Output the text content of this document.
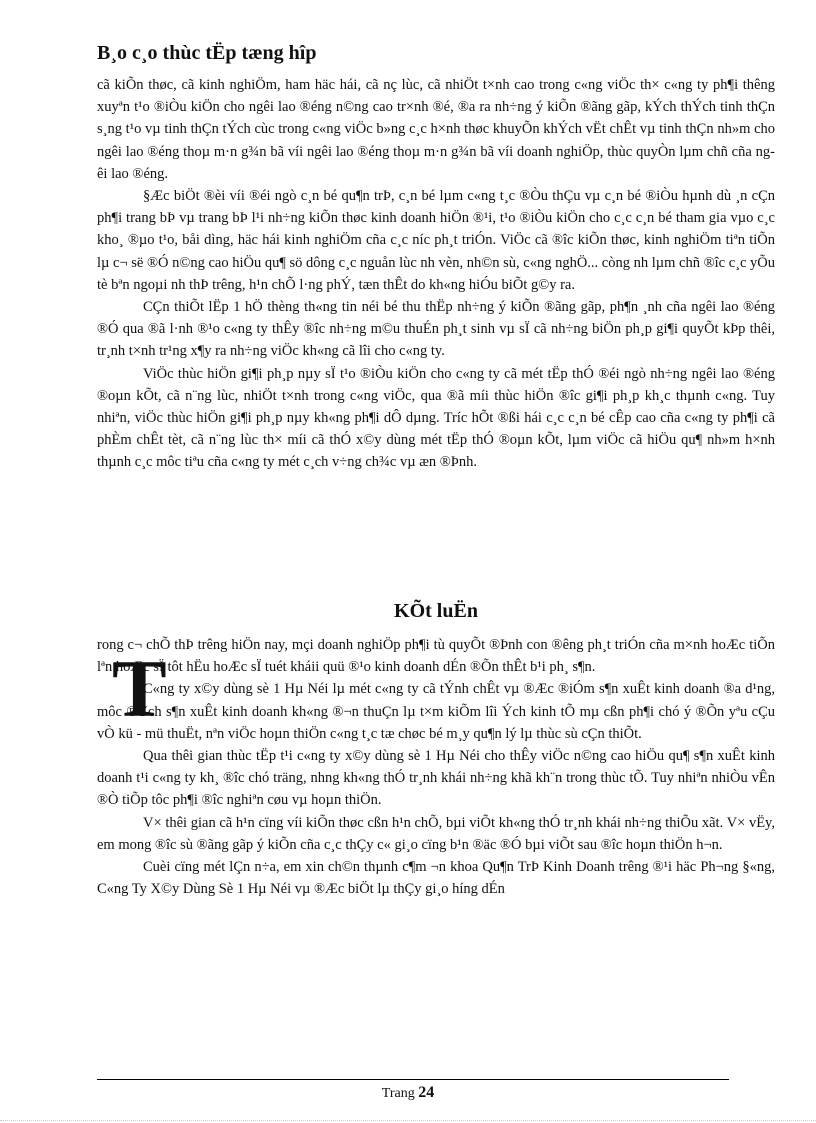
B¸o c¸o thùc tËp tæng hîp

cã kiÕn thøc, cã kinh nghiÖm, ham häc hái, cã nç lùc, cã nhiÖt t×nh cao trong c«ng viÖc th× c«ng ty ph¶i thêng xuyªn t¹o ®iÒu kiÖn cho ngêi lao ®éng n©ng cao tr×nh ®é, ®a ra nh÷ng ý kiÕn ®ãng gãp, kÝch thÝch tinh thÇn s¸ng t¹o vµ tinh thÇn tÝch cùc trong c«ng viÖc b»ng c¸c h×nh thøc khuyÕn khÝch vËt chÊt vµ tinh thÇn nh»m cho ngêi lao ®éng thoµ m·n g¾n bã víi ngêi lao ®éng thoµ m·n g¾n bã víi doanh nghiÖp, thùc quyÒn lµm chñ cña ngêi lao ®éng.

§Æc biÖt ®èi víi ®éi ngò c¸n bé qu¶n trÞ, c¸n bé lµm c«ng t¸c ®Òu thÇu vµ c¸n bé ®iÒu hµnh dù ¸n cÇn ph¶i trang bÞ vµ trang bÞ l¹i nh÷ng kiÕn thøc kinh doanh hiÖn ®¹i, t¹o ®iÒu kiÖn cho c¸c c¸n bé tham gia vµo c¸c kho¸ ®µo t¹o, båi dìng, häc hái kinh nghiÖm cña c¸c níc ph¸t triÓn. ViÖc cã ®îc kiÕn thøc, kinh nghiÖm tiªn tiÕn lµ c¬ së ®Ó n©ng cao hiÖu qu¶ sö dông c¸c nguån lùc nh vèn, nh©n sù, c«ng nghÖ... còng nh lµm chñ ®îc c¸c yÕu tè bªn ngoµi nh thÞ trêng, h¹n chÕ l·ng phÝ, tæn thÊt do kh«ng hiÓu biÕt g©y ra.

CÇn thiÕt lËp 1 hÖ thèng th«ng tin néi bé thu thËp nh÷ng ý kiÕn ®ãng gãp, ph¶n ¸nh cña ngêi lao ®éng ®Ó qua ®ã l·nh ®¹o c«ng ty thÊy ®îc nh÷ng m©u thuÉn ph¸t sinh vµ sÏ cã nh÷ng biÖn ph¸p gi¶i quyÕt kÞp thêi, tr¸nh t×nh tr¹ng x¶y ra nh÷ng viÖc kh«ng cã lîi cho c«ng ty.

ViÖc thùc hiÖn gi¶i ph¸p nµy sÏ t¹o ®iÒu kiÖn cho c«ng ty cã mét tËp thÓ ®éi ngò nh÷ng ngêi lao ®éng ®oµn kÕt, cã n¨ng lùc, nhiÖt t×nh trong c«ng viÖc, qua ®ã míi thùc hiÖn ®îc gi¶i ph¸p kh¸c thµnh c«ng. Tuy nhiªn, viÖc thùc hiÖn gi¶i ph¸p nµy kh«ng ph¶i dÔ dµng. Tríc hÕt ®ßi hái c¸c c¸n bé cÊp cao cña c«ng ty ph¶i cã phÈm chÊt tèt, cã n¨ng lùc th× míi cã thÓ x©y dùng mét tËp thÓ ®oµn kÕt, lµm viÖc cã hiÖu qu¶ nh»m h×nh thµnh c¸c môc tiªu cña c«ng ty mét c¸ch v÷ng ch¾c vµ æn ®Þnh.

KÕt luËn

rong c¬ chÕ thÞ trêng hiÖn nay, mçi doanh nghiÖp ph¶i tù quyÕt ®Þnh con ®êng ph¸t triÓn cña m×nh hoÆc tiÕn lªn hoÆc sÏ tôt hËu hoÆc sÏ tuét kháii quü ®¹o kinh doanh dÉn ®Õn thÊt b¹i ph¸ s¶n.

C«ng ty x©y dùng sè 1 Hµ Néi lµ mét c«ng ty cã tÝnh chÊt vµ ®Æc ®iÓm s¶n xuÊt kinh doanh ®a d¹ng, môc ®Ých s¶n xuÊt kinh doanh kh«ng ®¬n thuÇn lµ t×m kiÕm lîi Ých kinh tÕ mµ cßn ph¶i chó ý ®Õn yªu cÇu vÒ kü - mü thuËt, nªn viÖc hoµn thiÖn c«ng t¸c tæ chøc bé m¸y qu¶n lý lµ thùc sù cÇn thiÕt.

Qua thêi gian thùc tËp t¹i c«ng ty x©y dùng sè 1 Hµ Néi cho thÊy viÖc n©ng cao hiÖu qu¶ s¶n xuÊt kinh doanh t¹i c«ng ty kh¸ ®îc chó träng, nhng kh«ng thÓ tr¸nh khái nh÷ng khã kh¨n trong thùc tÕ. Tuy nhiªn nhiÒu vÊn ®Ò tiÕp tôc ph¶i ®îc nghiªn cøu vµ hoµn thiÖn.

V× thêi gian cã h¹n cïng víi kiÕn thøc cßn h¹n chÕ, bµi viÕt kh«ng thÓ tr¸nh khái nh÷ng thiÕu xãt. V× vËy, em mong ®îc sù ®ãng gãp ý kiÕn cña c¸c thÇy c« gi¸o cïng b¹n ®äc ®Ó bµi viÕt sau ®îc hoµn thiÖn h¬n.

Cuèi cïng mét lÇn n÷a, em xin ch©n thµnh c¶m ¬n khoa Qu¶n TrÞ Kinh Doanh trêng ®¹i häc Ph¬ng §«ng, C«ng Ty X©y Dùng Sè 1 Hµ Néi vµ ®Æc biÖt lµ thÇy gi¸o híng dÉn

T
Trang 24
